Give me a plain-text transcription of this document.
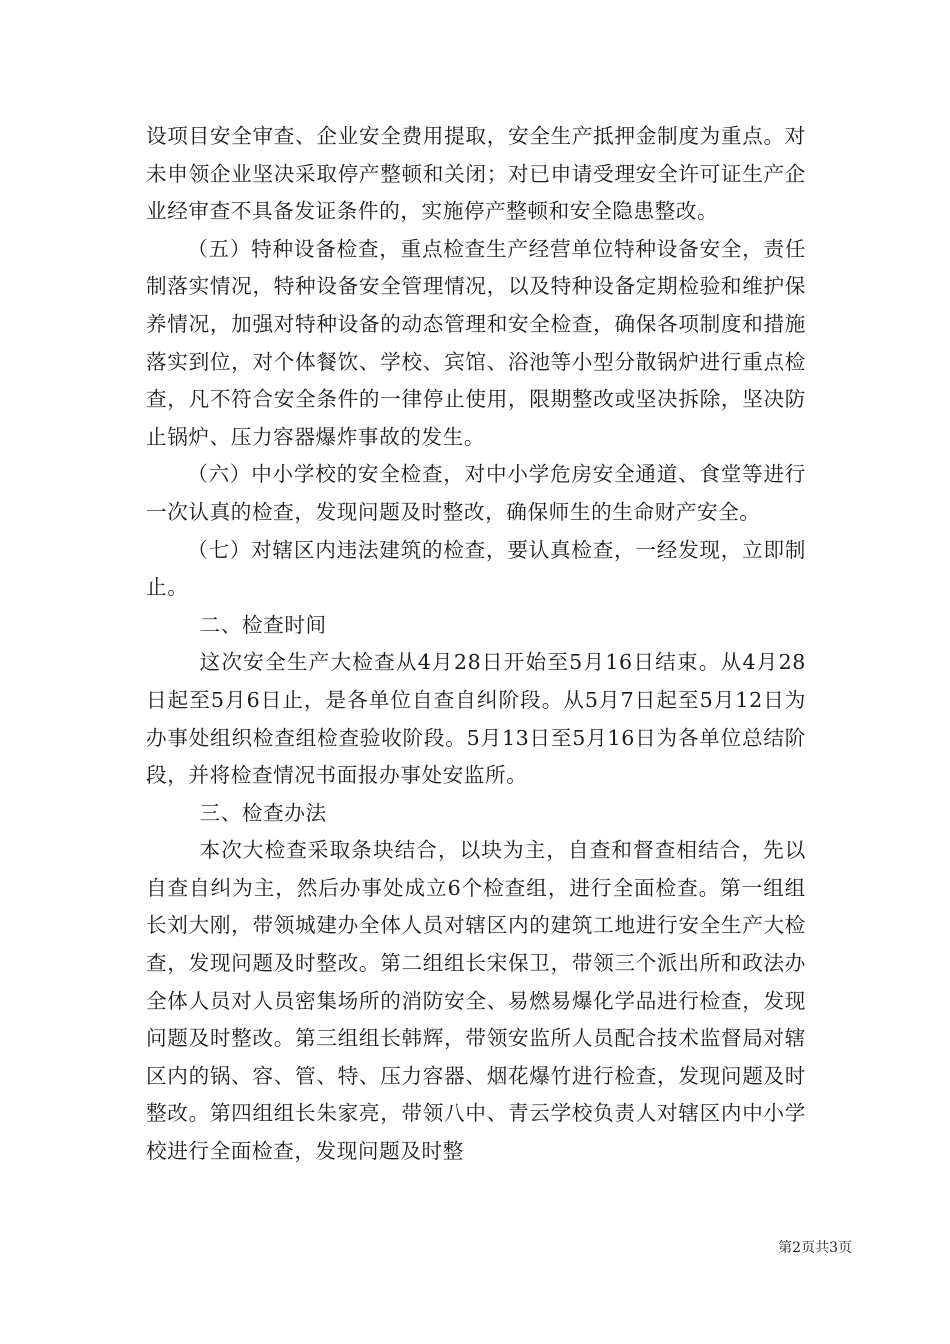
设项目安全审查、企业安全费用提取，安全生产抵押金制度为重点。对未申领企业坚决采取停产整顿和关闭；对已申请受理安全许可证生产企业经审查不具备发证条件的，实施停产整顿和安全隐患整改。

（五）特种设备检查，重点检查生产经营单位特种设备安全，责任制落实情况，特种设备安全管理情况，以及特种设备定期检验和维护保养情况，加强对特种设备的动态管理和安全检查，确保各项制度和措施落实到位，对个体餐饮、学校、宾馆、浴池等小型分散锅炉进行重点检查，凡不符合安全条件的一律停止使用，限期整改或坚决拆除，坚决防止锅炉、压力容器爆炸事故的发生。

（六）中小学校的安全检查，对中小学危房安全通道、食堂等进行一次认真的检查，发现问题及时整改，确保师生的生命财产安全。

（七）对辖区内违法建筑的检查，要认真检查，一经发现，立即制止。

二、检查时间

这次安全生产大检查从4月28日开始至5月16日结束。从4月28日起至5月6日止，是各单位自查自纠阶段。从5月7日起至5月12日为办事处组织检查组检查验收阶段。5月13日至5月16日为各单位总结阶段，并将检查情况书面报办事处安监所。

三、检查办法

本次大检查采取条块结合，以块为主，自查和督查相结合，先以自查自纠为主，然后办事处成立6个检查组，进行全面检查。第一组组长刘大刚，带领城建办全体人员对辖区内的建筑工地进行安全生产大检查，发现问题及时整改。第二组组长宋保卫，带领三个派出所和政法办全体人员对人员密集场所的消防安全、易燃易爆化学品进行检查，发现问题及时整改。第三组组长韩辉，带领安监所人员配合技术监督局对辖区内的锅、容、管、特、压力容器、烟花爆竹进行检查，发现问题及时整改。第四组组长朱家亮，带领八中、青云学校负责人对辖区内中小学校进行全面检查，发现问题及时整

第2页共3页
